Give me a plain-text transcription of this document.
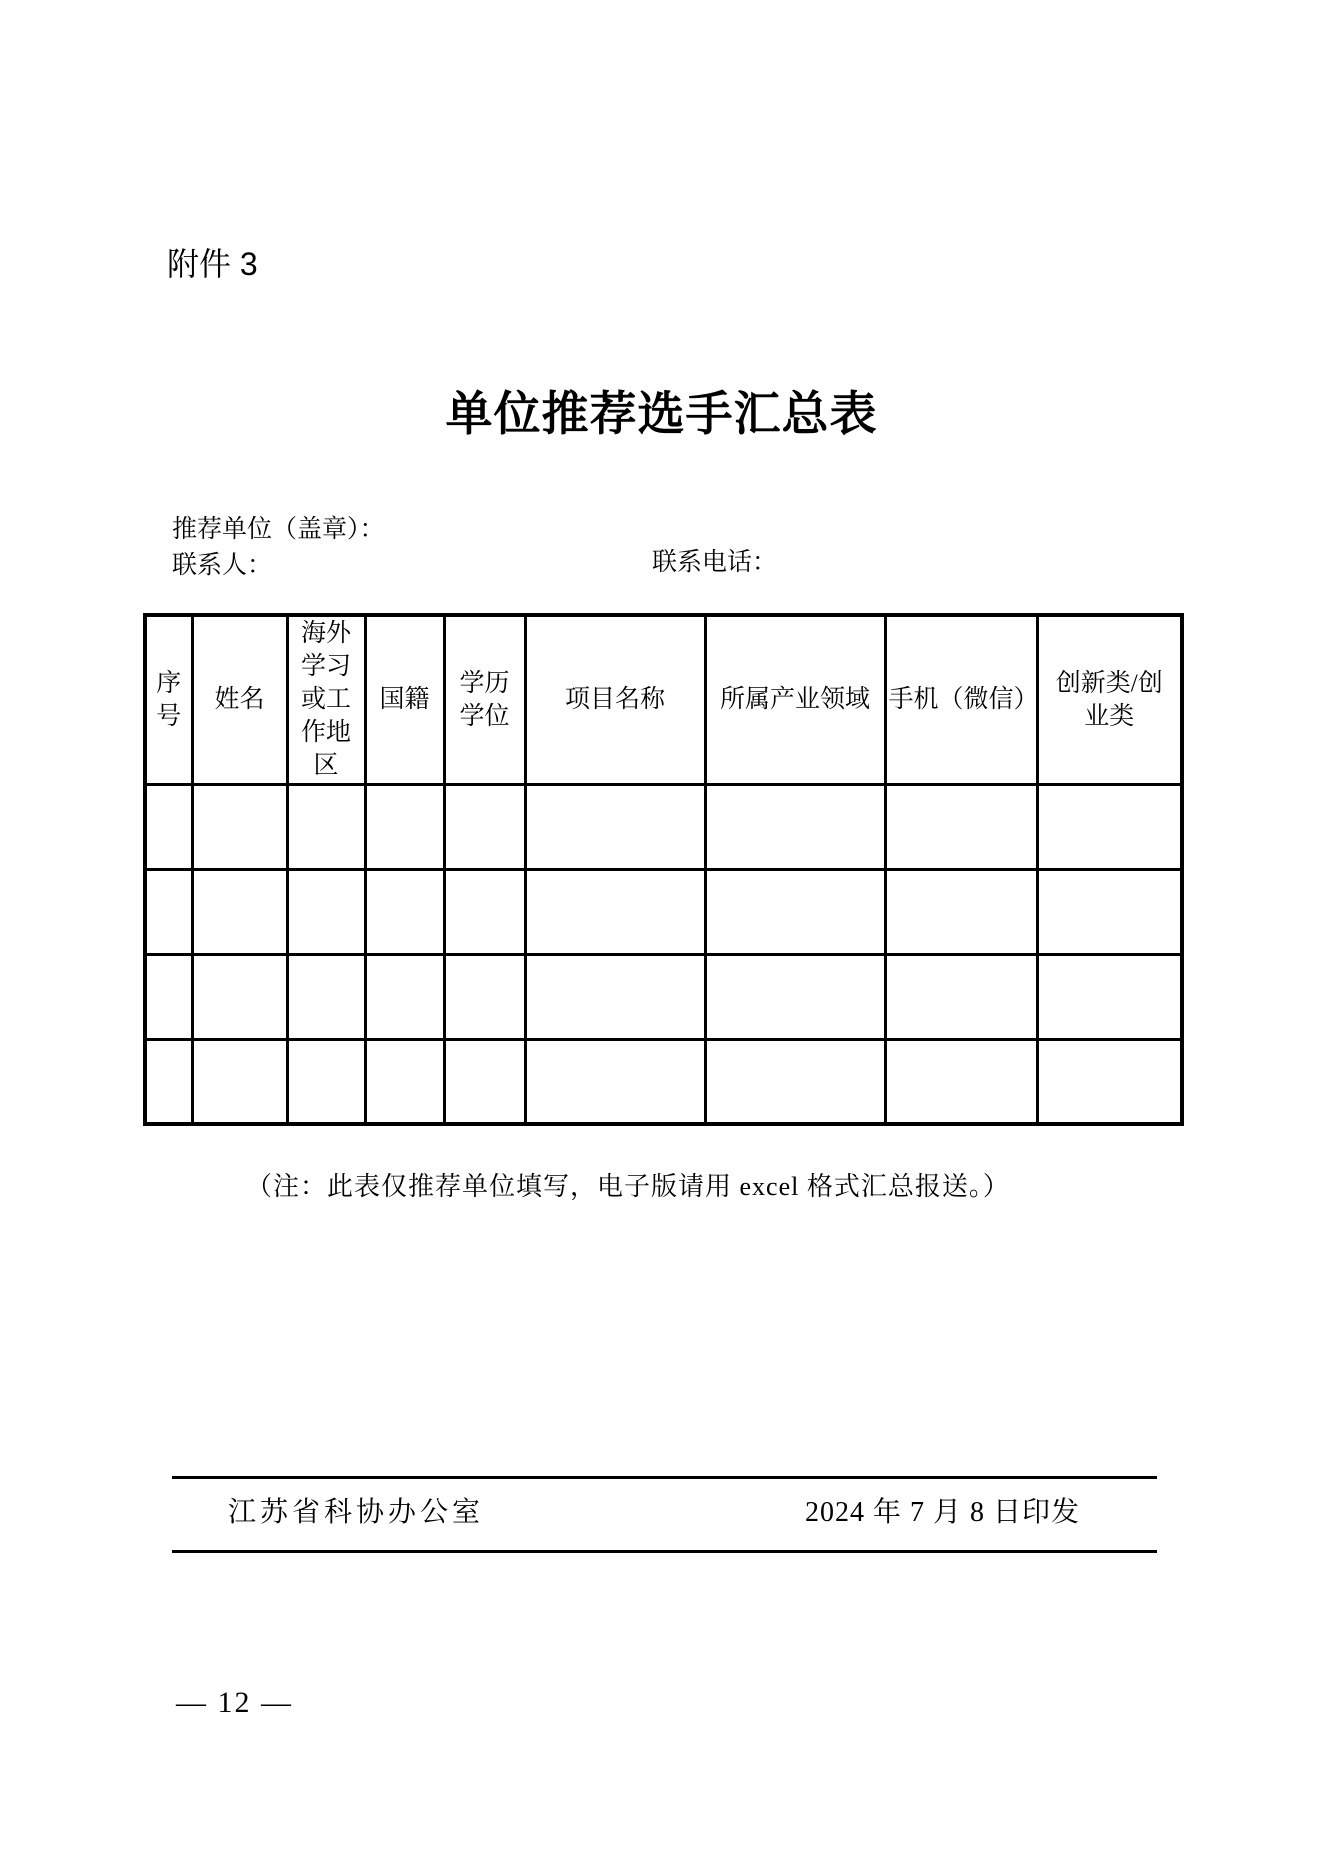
附件 3
单位推荐选手汇总表
推荐单位（盖章）：
联系人：	联系电话：
序号	姓名	海外学习或工作地区	国籍	学历学位	项目名称	所属产业领域	手机（微信）	创新类/创业类

（注：此表仅推荐单位填写，电子版请用 excel 格式汇总报送。）
江苏省科协办公室	2024 年 7 月 8 日印发
— 12 —
